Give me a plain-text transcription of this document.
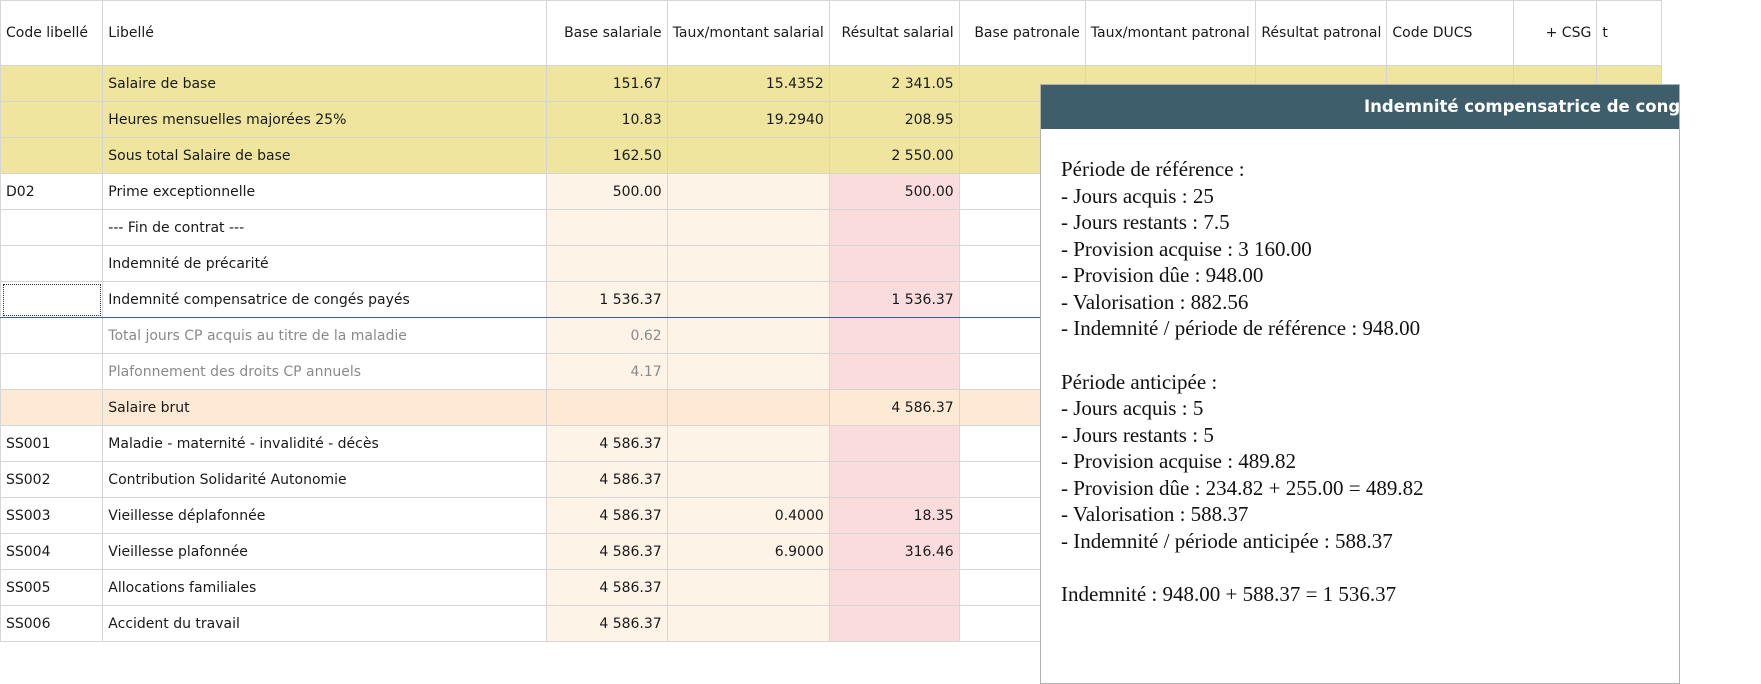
Code libellé	Libellé	Base salariale	Taux/montant salarial	Résultat salarial	Base patronale	Taux/montant patronal	Résultat patronal	Code DUCS	+ CSG	t
	Salaire de base	151.67	15.4352	2 341.05						
	Heures mensuelles majorées 25%	10.83	19.2940	208.95						
	Sous total Salaire de base	162.50		2 550.00						
D02	Prime exceptionnelle	500.00		500.00						
	--- Fin de contrat ---									
	Indemnité de précarité									
	Indemnité compensatrice de congés payés	1 536.37		1 536.37						
	Total jours CP acquis au titre de la maladie	0.62								
	Plafonnement des droits CP annuels	4.17								
	Salaire brut			4 586.37						
SS001	Maladie - maternité - invalidité - décès	4 586.37								
SS002	Contribution Solidarité Autonomie	4 586.37								
SS003	Vieillesse déplafonnée	4 586.37	0.4000	18.35						
SS004	Vieillesse plafonnée	4 586.37	6.9000	316.46						
SS005	Allocations familiales	4 586.37								
SS006	Accident du travail	4 586.37								
Indemnité compensatrice de congés payés
Période de référence :
- Jours acquis : 25
- Jours restants : 7.5
- Provision acquise : 3 160.00
- Provision dûe : 948.00
- Valorisation : 882.56
- Indemnité / période de référence : 948.00
Période anticipée :
- Jours acquis : 5
- Jours restants : 5
- Provision acquise : 489.82
- Provision dûe : 234.82 + 255.00 = 489.82
- Valorisation : 588.37
- Indemnité / période anticipée : 588.37
Indemnité : 948.00 + 588.37 = 1 536.37
